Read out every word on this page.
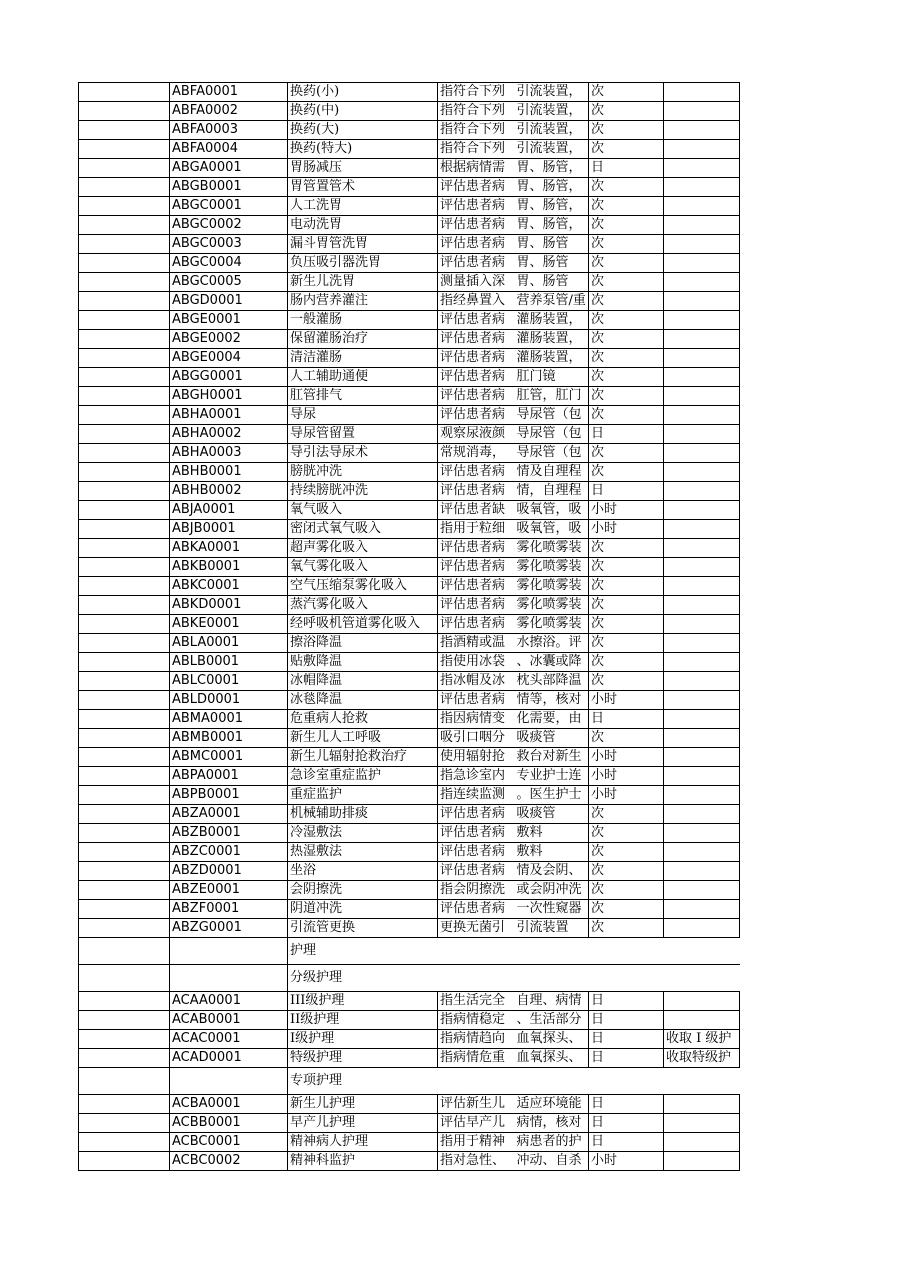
	ABFA0001	换药(小)	指符合下列	引流装置，	次	
	ABFA0002	换药(中)	指符合下列	引流装置，	次	
	ABFA0003	换药(大)	指符合下列	引流装置，	次	
	ABFA0004	换药(特大)	指符合下列	引流装置，	次	
	ABGA0001	胃肠减压	根据病情需	胃、肠管，	日	
	ABGB0001	胃管置管术	评估患者病	胃、肠管，	次	
	ABGC0001	人工洗胃	评估患者病	胃、肠管，	次	
	ABGC0002	电动洗胃	评估患者病	胃、肠管，	次	
	ABGC0003	漏斗胃管洗胃	评估患者病	胃、肠管	次	
	ABGC0004	负压吸引器洗胃	评估患者病	胃、肠管	次	
	ABGC0005	新生儿洗胃	测量插入深	胃、肠管	次	
	ABGD0001	肠内营养灌注	指经鼻置入	营养泵管/重	次	
	ABGE0001	一般灌肠	评估患者病	灌肠装置，	次	
	ABGE0002	保留灌肠治疗	评估患者病	灌肠装置，	次	
	ABGE0004	清洁灌肠	评估患者病	灌肠装置，	次	
	ABGG0001	人工辅助通便	评估患者病	肛门镜	次	
	ABGH0001	肛管排气	评估患者病	肛管，肛门	次	
	ABHA0001	导尿	评估患者病	导尿管（包	次	
	ABHA0002	导尿管留置	观察尿液颜	导尿管（包	日	
	ABHA0003	导引法导尿术	常规消毒，	导尿管（包	次	
	ABHB0001	膀胱冲洗	评估患者病	情及自理程	次	
	ABHB0002	持续膀胱冲洗	评估患者病	情，自理程	日	
	ABJA0001	氧气吸入	评估患者缺	吸氧管，吸	小时	
	ABJB0001	密闭式氧气吸入	指用于粒细	吸氧管，吸	小时	
	ABKA0001	超声雾化吸入	评估患者病	雾化喷雾装	次	
	ABKB0001	氧气雾化吸入	评估患者病	雾化喷雾装	次	
	ABKC0001	空气压缩泵雾化吸入	评估患者病	雾化喷雾装	次	
	ABKD0001	蒸汽雾化吸入	评估患者病	雾化喷雾装	次	
	ABKE0001	经呼吸机管道雾化吸入	评估患者病	雾化喷雾装	次	
	ABLA0001	擦浴降温	指酒精或温	水擦浴。评	次	
	ABLB0001	贴敷降温	指使用冰袋	、冰囊或降	次	
	ABLC0001	冰帽降温	指冰帽及冰	枕头部降温	次	
	ABLD0001	冰毯降温	评估患者病	情等，核对	小时	
	ABMA0001	危重病人抢救	指因病情变	化需要，由	日	
	ABMB0001	新生儿人工呼吸	吸引口咽分	吸痰管	次	
	ABMC0001	新生儿辐射抢救治疗	使用辐射抢	救台对新生	小时	
	ABPA0001	急诊室重症监护	指急诊室内	专业护士连	小时	
	ABPB0001	重症监护	指连续监测	。医生护士	小时	
	ABZA0001	机械辅助排痰	评估患者病	吸痰管	次	
	ABZB0001	冷湿敷法	评估患者病	敷料	次	
	ABZC0001	热湿敷法	评估患者病	敷料	次	
	ABZD0001	坐浴	评估患者病	情及会阴、	次	
	ABZE0001	会阴擦洗	指会阴擦洗	或会阴冲洗	次	
	ABZF0001	阴道冲洗	评估患者病	一次性窥器	次	
	ABZG0001	引流管更换	更换无菌引	引流装置	次	
		护理				
		分级护理				
	ACAA0001	III级护理	指生活完全	自理、病情	日	
	ACAB0001	II级护理	指病情稳定	、生活部分	日	
	ACAC0001	I级护理	指病情趋向	血氧探头、	日	收取 I 级护
	ACAD0001	特级护理	指病情危重	血氧探头、	日	收取特级护
		专项护理				
	ACBA0001	新生儿护理	评估新生儿	适应环境能	日	
	ACBB0001	早产儿护理	评估早产儿	病情，核对	日	
	ACBC0001	精神病人护理	指用于精神	病患者的护	日	
	ACBC0002	精神科监护	指对急性、	冲动、自杀	小时	
